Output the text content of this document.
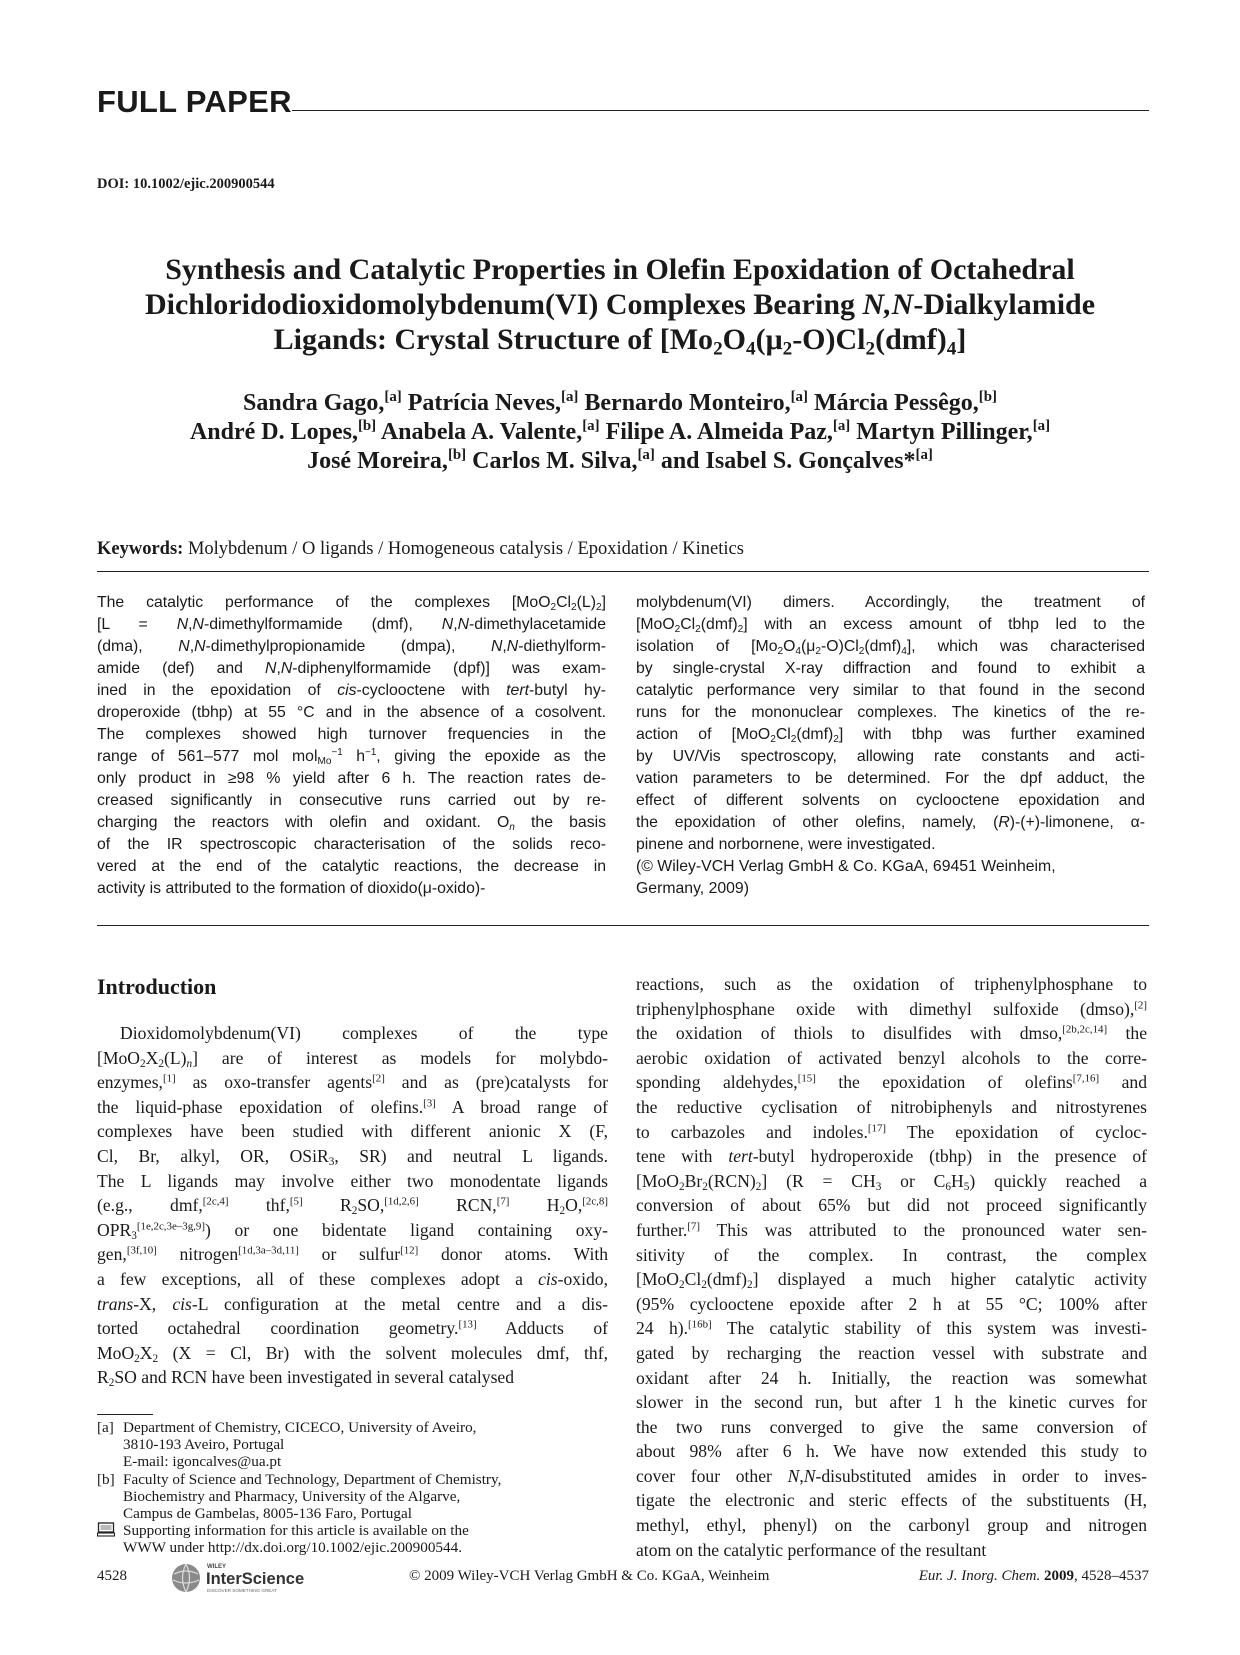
FULL PAPER
DOI: 10.1002/ejic.200900544
Synthesis and Catalytic Properties in Olefin Epoxidation of Octahedral
Dichloridodioxidomolybdenum(VI) Complexes Bearing N,N-Dialkylamide
Ligands: Crystal Structure of $[Mo_2O_4(\mu_2-O)Cl_2(dmf)_4]$
Sandra Gago,[a] Patrícia Neves,[a] Bernardo Monteiro,[a] Márcia Pessêgo,[b]
André D. Lopes,[b] Anabela A. Valente,[a] Filipe A. Almeida Paz,[a] Martyn Pillinger,[a]
José Moreira,[b] Carlos M. Silva,[a] and Isabel S. Gonçalves*[a]
Keywords: Molybdenum / O ligands / Homogeneous catalysis / Epoxidation / Kinetics
The catalytic performance of the complexes $[MoO_2Cl_2(L)_2]$
[L = N,N-dimethylformamide (dmf), N,N-dimethylacetamide
(dma), N,N-dimethylpropionamide (dmpa), N,N-diethylform-
amide (def) and N,N-diphenylformamide (dpf)] was exam-
ined in the epoxidation of cis-cyclooctene with tert-butyl hy-
droperoxide (tbhp) at 55 °C and in the absence of a cosolvent.
The complexes showed high turnover frequencies in the
range of 561–577 mol mol$_{Mo}^{-1}$ $h^{-1}$, giving the epoxide as the
only product in ≥98 % yield after 6 h. The reaction rates de-
creased significantly in consecutive runs carried out by re-
charging the reactors with olefin and oxidant. $O_n$ the basis
of the IR spectroscopic characterisation of the solids reco-
vered at the end of the catalytic reactions, the decrease in
activity is attributed to the formation of dioxido(μ-oxido)-
molybdenum(VI) dimers. Accordingly, the treatment of
$[MoO_2Cl_2(dmf)_2]$ with an excess amount of tbhp led to the
isolation of $[Mo_2O_4(\mu_2-O)Cl_2(dmf)_4]$, which was characterised
by single-crystal X-ray diffraction and found to exhibit a
catalytic performance very similar to that found in the second
runs for the mononuclear complexes. The kinetics of the re-
action of $[MoO_2Cl_2(dmf)_2]$ with tbhp was further examined
by UV/Vis spectroscopy, allowing rate constants and acti-
vation parameters to be determined. For the dpf adduct, the
effect of different solvents on cyclooctene epoxidation and
the epoxidation of other olefins, namely, (R)-(+)-limonene, α-
pinene and norbornene, were investigated.
(© Wiley-VCH Verlag GmbH & Co. KGaA, 69451 Weinheim,
Germany, 2009)
Introduction
Dioxidomolybdenum(VI) complexes of the type
$[MoO_2X_2(L)_n]$ are of interest as models for molybdo-
enzymes,[1] as oxo-transfer agents[2] and as (pre)catalysts for
the liquid-phase epoxidation of olefins.[3] A broad range of
complexes have been studied with different anionic X (F,
Cl, Br, alkyl, OR, OSiR$_3$, SR) and neutral L ligands.
The L ligands may involve either two monodentate ligands
(e.g., dmf,[2c,4] thf,[5] $R_2SO,[1d,2,6]$ RCN,[7] $H_2O,[2c,8]$
$OPR_3[1e,2c,3e-3g,9]$) or one bidentate ligand containing oxy-
gen,[3f,10] nitrogen[1d,3a–3d,11] or sulfur[12] donor atoms. With
a few exceptions, all of these complexes adopt a cis-oxido,
trans-X, cis-L configuration at the metal centre and a dis-
torted octahedral coordination geometry.[13] Adducts of
$MoO_2X_2$ (X = Cl, Br) with the solvent molecules dmf, thf,
$R_2SO$ and RCN have been investigated in several catalysed
reactions, such as the oxidation of triphenylphosphane to
triphenylphosphane oxide with dimethyl sulfoxide (dmso),[2]
the oxidation of thiols to disulfides with dmso,[2b,2c,14] the
aerobic oxidation of activated benzyl alcohols to the corre-
sponding aldehydes,[15] the epoxidation of olefins[7,16] and
the reductive cyclisation of nitrobiphenyls and nitrostyrenes
to carbazoles and indoles.[17] The epoxidation of cycloc-
tene with tert-butyl hydroperoxide (tbhp) in the presence of
$[MoO_2Br_2(RCN)_2] (R = CH_3$ or $C_6H_5$) quickly reached a
conversion of about 65% but did not proceed significantly
further.[7] This was attributed to the pronounced water sen-
sitivity of the complex. In contrast, the complex
$[MoO_2Cl_2(dmf)_2]$ displayed a much higher catalytic activity
(95% cyclooctene epoxide after 2 h at 55 °C; 100% after
24 h).[16b] The catalytic stability of this system was investi-
gated by recharging the reaction vessel with substrate and
oxidant after 24 h. Initially, the reaction was somewhat
slower in the second run, but after 1 h the kinetic curves for
the two runs converged to give the same conversion of
about 98% after 6 h. We have now extended this study to
cover four other N,N-disubstituted amides in order to inves-
tigate the electronic and steric effects of the substituents (H,
methyl, ethyl, phenyl) on the carbonyl group and nitrogen
atom on the catalytic performance of the resultant
[a] Department of Chemistry, CICECO, University of Aveiro,
3810-193 Aveiro, Portugal
E-mail: igoncalves@ua.pt
[b] Faculty of Science and Technology, Department of Chemistry,
Biochemistry and Pharmacy, University of the Algarve,
Campus de Gambelas, 8005-136 Faro, Portugal
Supporting information for this article is available on the
WWW under http://dx.doi.org/10.1002/ejic.200900544.
4528
WILEY
InterScience
DISCOVER SOMETHING GREAT
© 2009 Wiley-VCH Verlag GmbH & Co. KGaA, Weinheim	Eur. J. Inorg. Chem. 2009, 4528–4537
